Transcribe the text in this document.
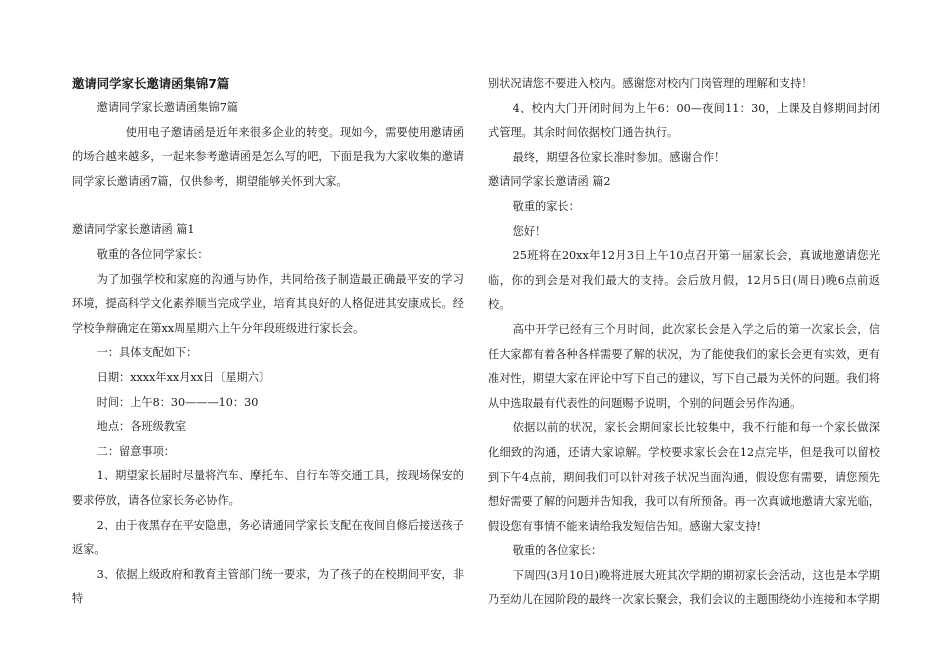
邀请同学家长邀请函集锦7篇

邀请同学家长邀请函集锦7篇

使用电子邀请函是近年来很多企业的转变。现如今，需要使用邀请函的场合越来越多，一起来参考邀请函是怎么写的吧，下面是我为大家收集的邀请同学家长邀请函7篇，仅供参考，期望能够关怀到大家。

邀请同学家长邀请函 篇1

敬重的各位同学家长：

为了加强学校和家庭的沟通与协作，共同给孩子制造最正确最平安的学习环境，提高科学文化素养顺当完成学业，培育其良好的人格促进其安康成长。经学校争辩确定在第xx周星期六上午分年段班级进行家长会。

一：具体支配如下：

日期：xxxx年xx月xx日〔星期六〕

时间：上午8：30———10：30

地点：各班级教室

二：留意事项：

1、期望家长届时尽量将汽车、摩托车、自行车等交通工具，按现场保安的要求停放，请各位家长务必协作。

2、由于夜黑存在平安隐患，务必请通同学家长支配在夜间自修后接送孩子返家。

3、依据上级政府和教育主管部门统一要求，为了孩子的在校期间平安，非特

别状况请您不要进入校内。感谢您对校内门岗管理的理解和支持！

4、校内大门开闭时间为上午6：00—夜间11：30，上课及自修期间封闭式管理。其余时间依据校门通告执行。

最终，期望各位家长准时参加。感谢合作！

邀请同学家长邀请函 篇2

敬重的家长：

您好！

25班将在20xx年12月3日上午10点召开第一届家长会，真诚地邀请您光临，你的到会是对我们最大的支持。会后放月假，12月5日(周日)晚6点前返校。

高中开学已经有三个月时间，此次家长会是入学之后的第一次家长会，信任大家都有着各种各样需要了解的状况，为了能使我们的家长会更有实效，更有准对性，期望大家在评论中写下自己的建议，写下自己最为关怀的问题。我们将从中选取最有代表性的问题赐予说明，个别的问题会另作沟通。

依据以前的状况，家长会期间家长比较集中，我不行能和每一个家长做深化细致的沟通，还请大家谅解。学校要求家长会在12点完毕，但是我可以留校到下午4点前，期间我们可以针对孩子状况当面沟通，假设您有需要，请您预先想好需要了解的问题并告知我，我可以有所预备。再一次真诚地邀请大家光临，假设您有事情不能来请给我发短信告知。感谢大家支持!

敬重的各位家长：

下周四(3月10日)晚将进展大班其次学期的期初家长会活动，这也是本学期乃至幼儿在园阶段的最终一次家长聚会，我们会议的主题围绕幼小连接和本学期
